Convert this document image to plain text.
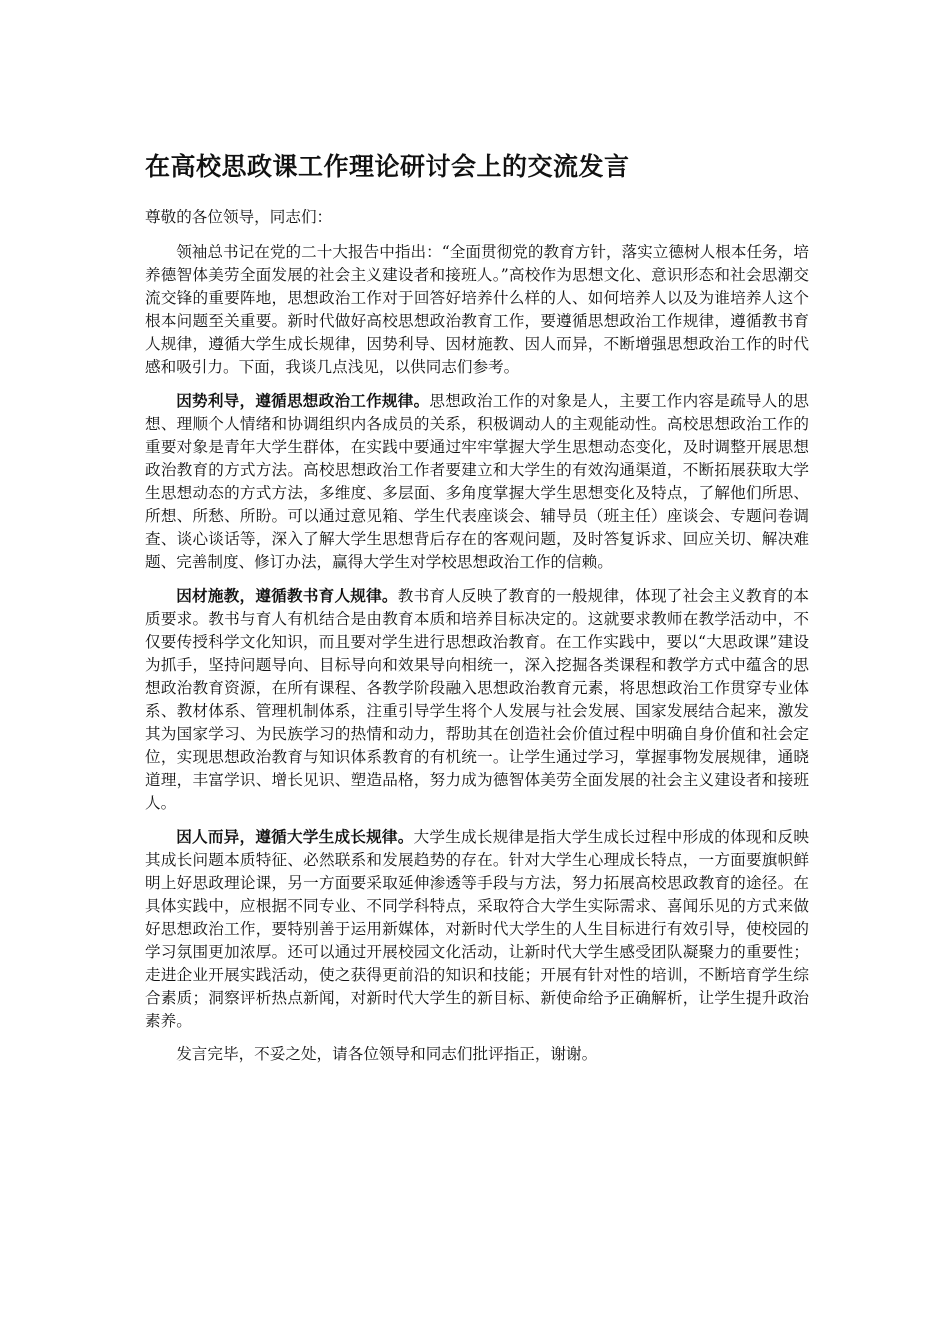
在高校思政课工作理论研讨会上的交流发言
尊敬的各位领导，同志们：

领袖总书记在党的二十大报告中指出：“全面贯彻党的教育方针，落实立德树人根本任务，培养德智体美劳全面发展的社会主义建设者和接班人。”高校作为思想文化、意识形态和社会思潮交流交锋的重要阵地，思想政治工作对于回答好培养什么样的人、如何培养人以及为谁培养人这个根本问题至关重要。新时代做好高校思想政治教育工作，要遵循思想政治工作规律，遵循教书育人规律，遵循大学生成长规律，因势利导、因材施教、因人而异，不断增强思想政治工作的时代感和吸引力。下面，我谈几点浅见，以供同志们参考。

因势利导，遵循思想政治工作规律。思想政治工作的对象是人，主要工作内容是疏导人的思想、理顺个人情绪和协调组织内各成员的关系，积极调动人的主观能动性。高校思想政治工作的重要对象是青年大学生群体，在实践中要通过牢牢掌握大学生思想动态变化，及时调整开展思想政治教育的方式方法。高校思想政治工作者要建立和大学生的有效沟通渠道，不断拓展获取大学生思想动态的方式方法，多维度、多层面、多角度掌握大学生思想变化及特点，了解他们所思、所想、所愁、所盼。可以通过意见箱、学生代表座谈会、辅导员（班主任）座谈会、专题问卷调查、谈心谈话等，深入了解大学生思想背后存在的客观问题，及时答复诉求、回应关切、解决难题、完善制度、修订办法，赢得大学生对学校思想政治工作的信赖。

因材施教，遵循教书育人规律。教书育人反映了教育的一般规律，体现了社会主义教育的本质要求。教书与育人有机结合是由教育本质和培养目标决定的。这就要求教师在教学活动中，不仅要传授科学文化知识，而且要对学生进行思想政治教育。在工作实践中，要以“大思政课”建设为抓手，坚持问题导向、目标导向和效果导向相统一，深入挖掘各类课程和教学方式中蕴含的思想政治教育资源，在所有课程、各教学阶段融入思想政治教育元素，将思想政治工作贯穿专业体系、教材体系、管理机制体系，注重引导学生将个人发展与社会发展、国家发展结合起来，激发其为国家学习、为民族学习的热情和动力，帮助其在创造社会价值过程中明确自身价值和社会定位，实现思想政治教育与知识体系教育的有机统一。让学生通过学习，掌握事物发展规律，通晓道理，丰富学识、增长见识、塑造品格，努力成为德智体美劳全面发展的社会主义建设者和接班人。

因人而异，遵循大学生成长规律。大学生成长规律是指大学生成长过程中形成的体现和反映其成长问题本质特征、必然联系和发展趋势的存在。针对大学生心理成长特点，一方面要旗帜鲜明上好思政理论课，另一方面要采取延伸渗透等手段与方法，努力拓展高校思政教育的途径。在具体实践中，应根据不同专业、不同学科特点，采取符合大学生实际需求、喜闻乐见的方式来做好思想政治工作，要特别善于运用新媒体，对新时代大学生的人生目标进行有效引导，使校园的学习氛围更加浓厚。还可以通过开展校园文化活动，让新时代大学生感受团队凝聚力的重要性；走进企业开展实践活动，使之获得更前沿的知识和技能；开展有针对性的培训，不断培育学生综合素质；洞察评析热点新闻，对新时代大学生的新目标、新使命给予正确解析，让学生提升政治素养。

发言完毕，不妥之处，请各位领导和同志们批评指正，谢谢。
